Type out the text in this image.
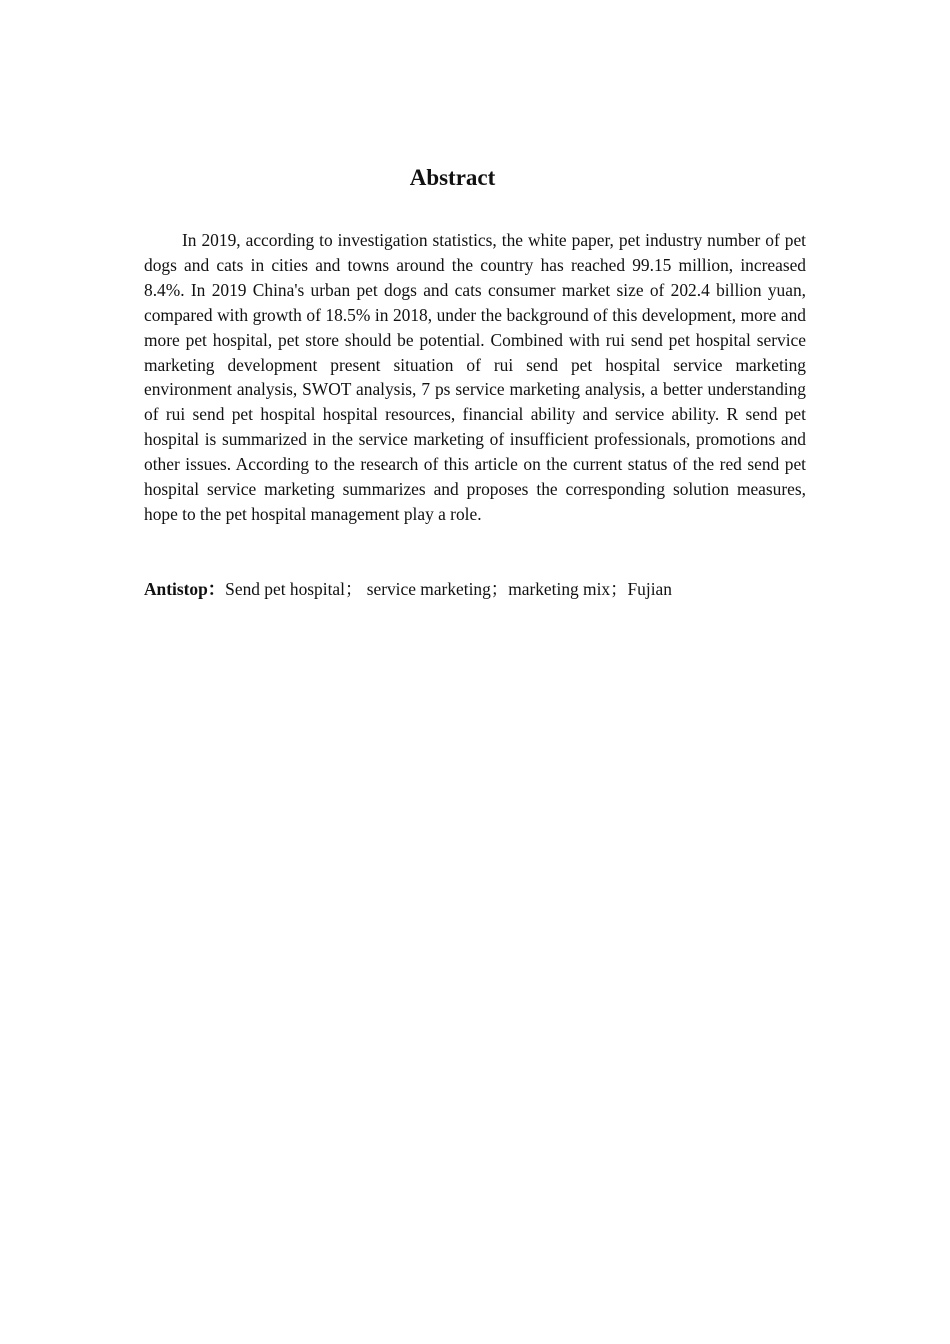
Abstract

In 2019, according to investigation statistics, the white paper, pet industry number of pet dogs and cats in cities and towns around the country has reached 99.15 million, increased 8.4%. In 2019 China's urban pet dogs and cats consumer market size of 202.4 billion yuan, compared with growth of 18.5% in 2018, under the background of this development, more and more pet hospital, pet store should be potential. Combined with rui send pet hospital service marketing development present situation of rui send pet hospital service marketing environment analysis, SWOT analysis, 7 ps service marketing analysis, a better understanding of rui send pet hospital hospital resources, financial ability and service ability. R send pet hospital is summarized in the service marketing of insufficient professionals, promotions and other issues. According to the research of this article on the current status of the red send pet hospital service marketing summarizes and proposes the corresponding solution measures, hope to the pet hospital management play a role.

Antistop：Send pet hospital； service marketing；marketing mix；Fujian
